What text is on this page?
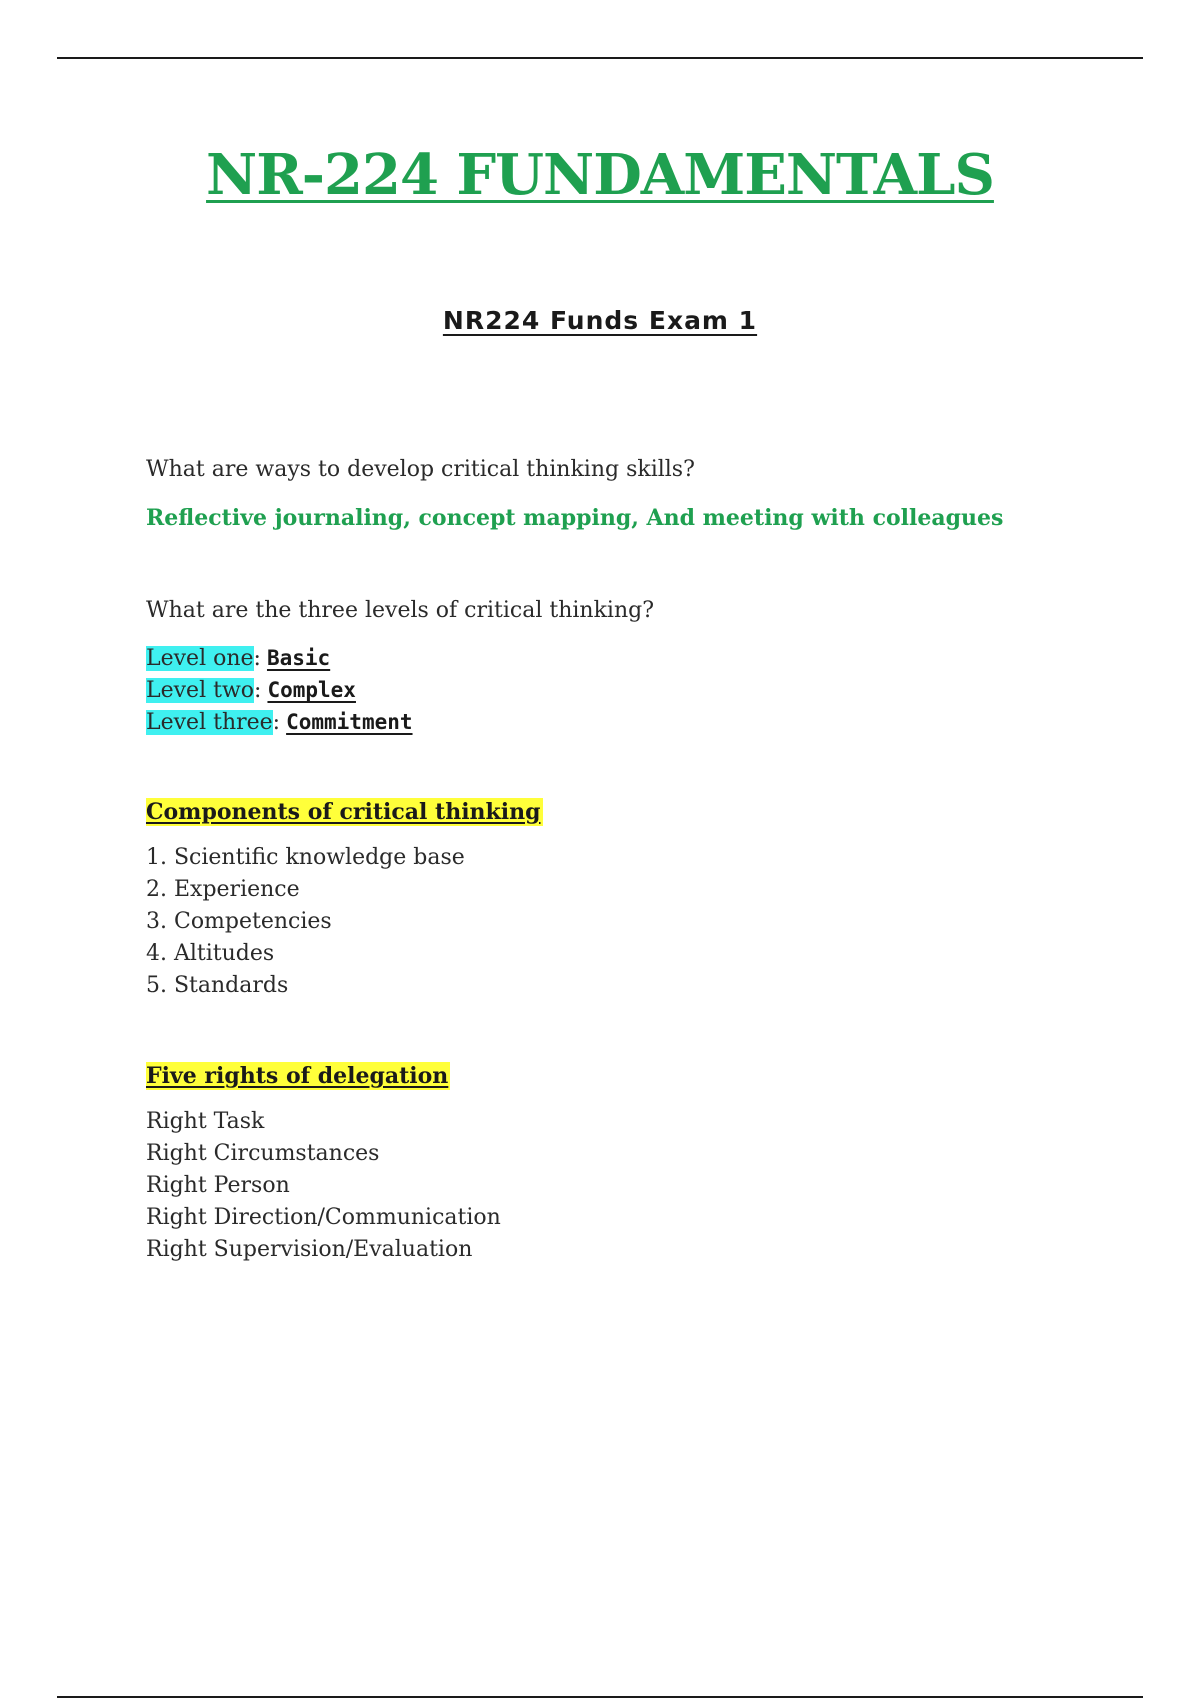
NR-224 FUNDAMENTALS
NR224 Funds Exam 1

What are ways to develop critical thinking skills?

Reflective journaling, concept mapping, And meeting with colleagues

What are the three levels of critical thinking?

Level one: Basic
Level two: Complex
Level three: Commitment

Components of critical thinking

1. Scientific knowledge base
2. Experience
3. Competencies
4. Altitudes
5. Standards

Five rights of delegation

Right Task
Right Circumstances
Right Person
Right Direction/Communication
Right Supervision/Evaluation
